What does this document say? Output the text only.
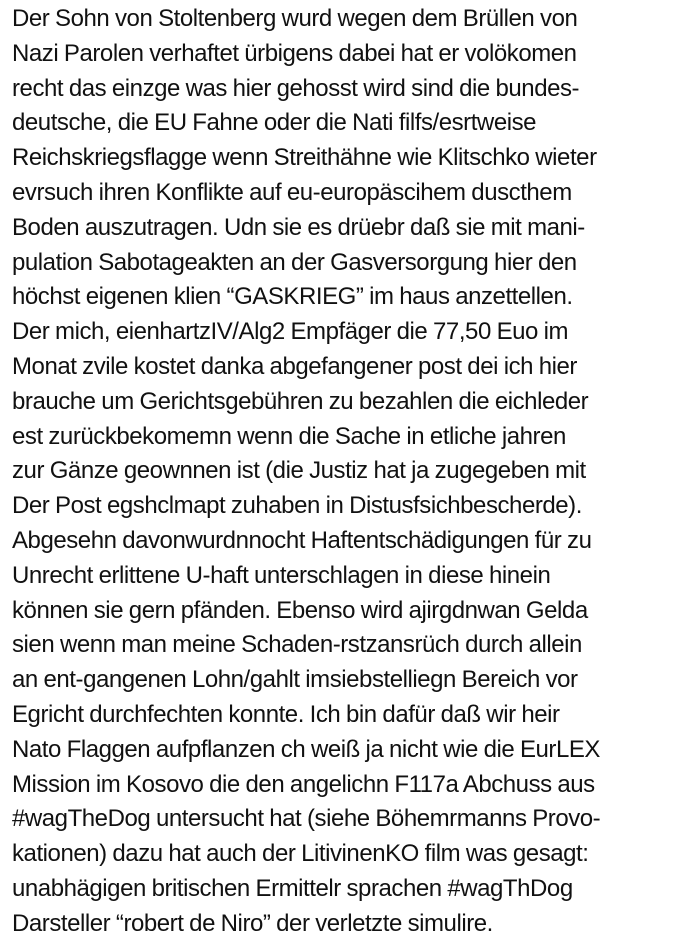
Der Sohn von Stoltenberg wurd wegen dem Brüllen von
Nazi Parolen verhaftet ürbigens dabei hat er volökomen
recht das einzge was hier gehosst wird sind die bundes-
deutsche, die EU Fahne oder die Nati filfs/esrtweise
Reichskriegsflagge wenn Streithähne wie Klitschko wieter
evrsuch ihren Konflikte auf eu-europäscihem duscthem
Boden auszutragen. Udn sie es drüebr daß sie mit mani-
pulation Sabotageakten an der Gasversorgung hier den
höchst eigenen klien “GASKRIEG” im haus anzettellen.
Der mich, eienhartzIV/Alg2 Empfäger die 77,50 Euo im
Monat zvile kostet danka abgefangener post dei ich hier
brauche um Gerichtsgebühren zu bezahlen die eichleder
est zurückbekomemn wenn die Sache in etliche jahren
zur Gänze geownnen ist (die Justiz hat ja zugegeben mit
Der Post egshclmapt zuhaben in Distusfsichbescherde).
Abgesehn davonwurdnnocht Haftentschädigungen für zu
Unrecht erlittene U-haft unterschlagen in diese hinein
können sie gern pfänden. Ebenso wird ajirgdnwan Gelda
sien wenn man meine Schaden-rstzansrüch durch allein
an ent-gangenen Lohn/gahlt imsiebstelliegn Bereich vor
Egricht durchfechten konnte. Ich bin dafür daß wir heir
Nato Flaggen aufpflanzen ch weiß ja nicht wie die EurLEX
Mission im Kosovo die den angelichn F117a Abchuss aus
#wagTheDog untersucht hat (siehe Böhemrmanns Provo-
kationen) dazu hat auch der LitivinenKO film was gesagt:
unabhägigen britischen Ermittelr sprachen #wagThDog
Darsteller “robert de Niro” der verletzte simulire.
